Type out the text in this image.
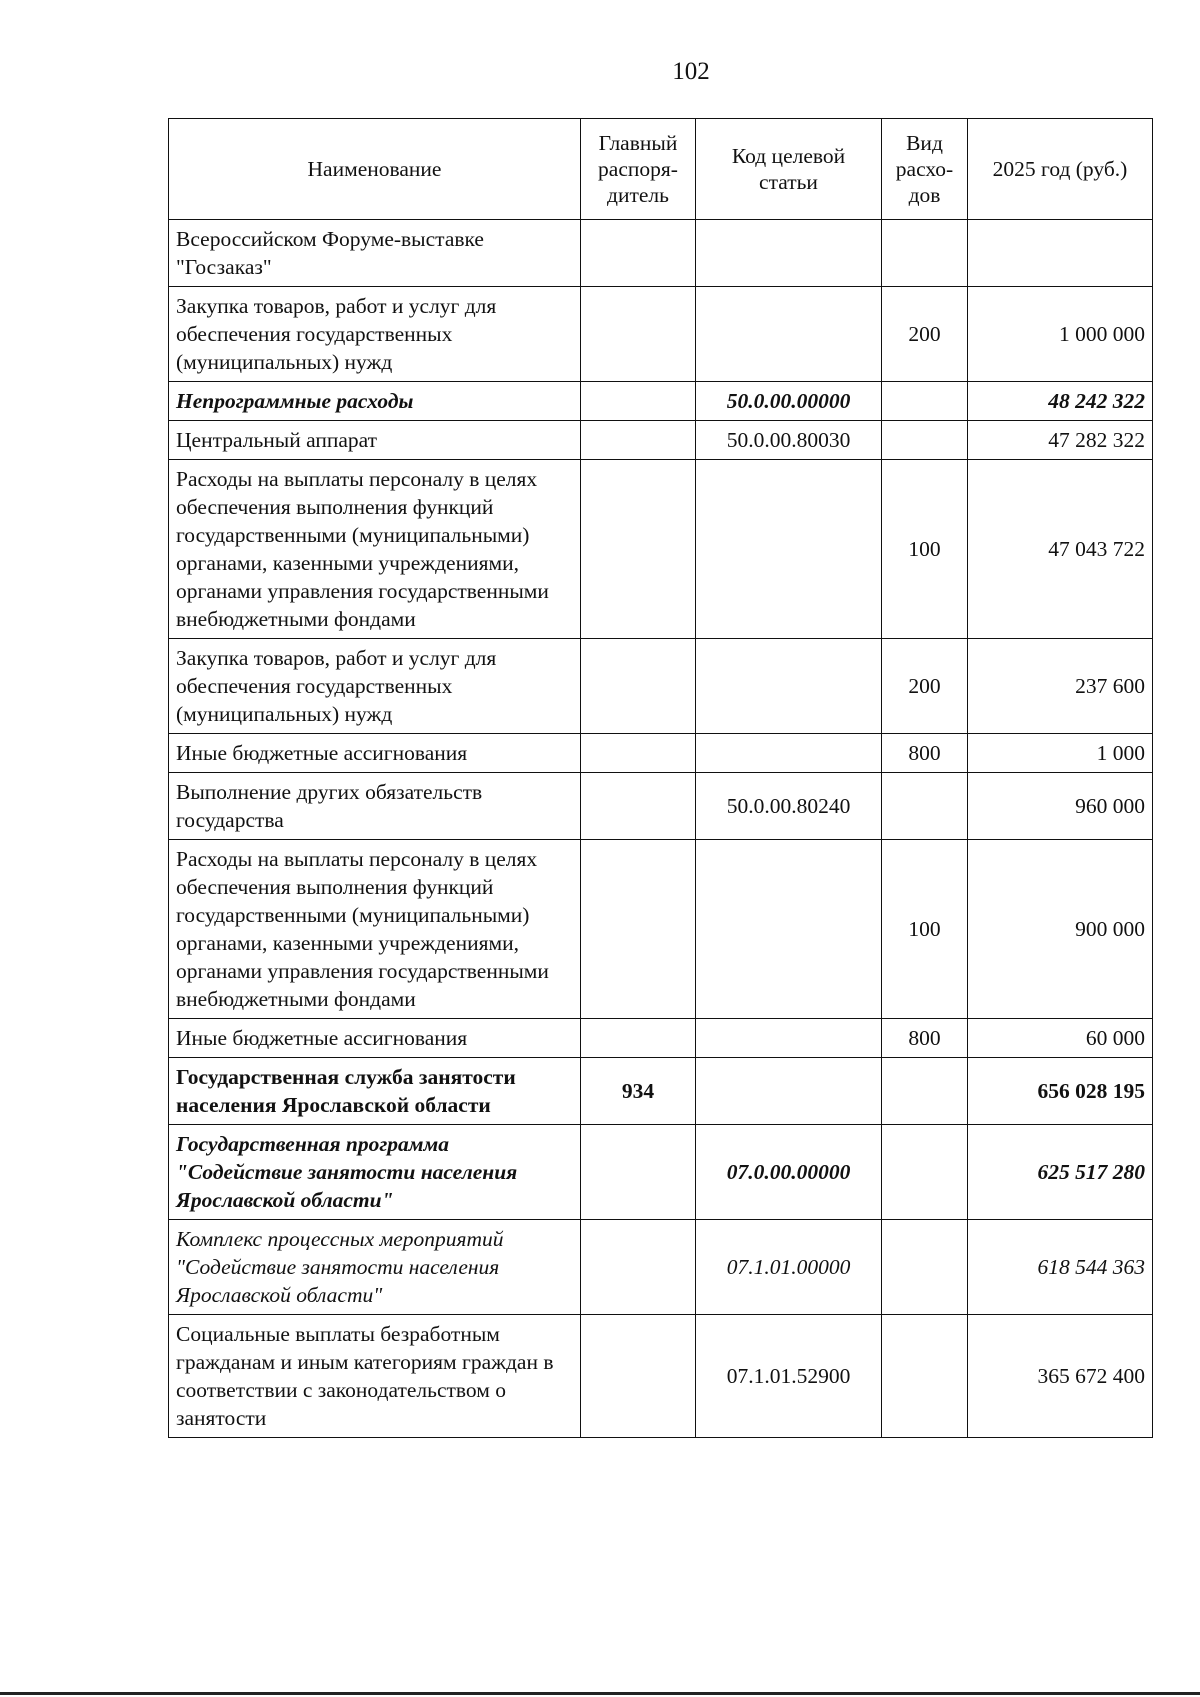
102
Наименование	Главный распоря-дитель	Код целевой статьи	Вид расхо-дов	2025 год (руб.)
Всероссийском Форуме-выставке "Госзаказ"				
Закупка товаров, работ и услуг для обеспечения государственных (муниципальных) нужд			200	1 000 000
Непрограммные расходы		50.0.00.00000		48 242 322
Центральный аппарат		50.0.00.80030		47 282 322
Расходы на выплаты персоналу в целях обеспечения выполнения функций государственными (муниципальными) органами, казенными учреждениями, органами управления государственными внебюджетными фондами			100	47 043 722
Закупка товаров, работ и услуг для обеспечения государственных (муниципальных) нужд			200	237 600
Иные бюджетные ассигнования			800	1 000
Выполнение других обязательств государства		50.0.00.80240		960 000
Расходы на выплаты персоналу в целях обеспечения выполнения функций государственными (муниципальными) органами, казенными учреждениями, органами управления государственными внебюджетными фондами			100	900 000
Иные бюджетные ассигнования			800	60 000
Государственная служба занятости населения Ярославской области	934			656 028 195
Государственная программа "Содействие занятости населения Ярославской области"		07.0.00.00000		625 517 280
Комплекс процессных мероприятий "Содействие занятости населения Ярославской области"		07.1.01.00000		618 544 363
Социальные выплаты безработным гражданам и иным категориям граждан в соответствии с законодательством о занятости		07.1.01.52900		365 672 400
